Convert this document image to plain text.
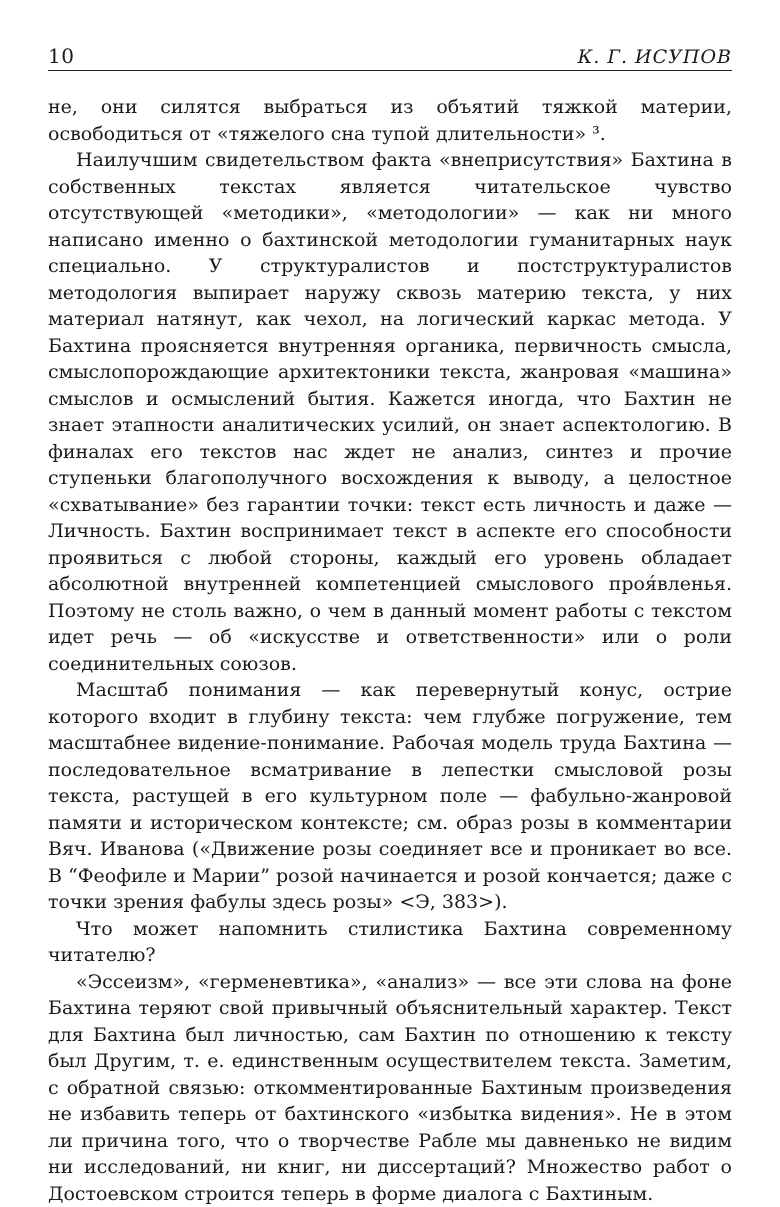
10	К. Г. ИСУПОВ

не, они силятся выбраться из объятий тяжкой материи, освободиться от «тяжелого сна тупой длительности» ³.

Наилучшим свидетельством факта «внеприсутствия» Бахтина в собственных текстах является читательское чувство отсутствующей «методики», «методологии» — как ни много написано именно о бахтинской методологии гуманитарных наук специально. У структуралистов и постструктуралистов методология выпирает наружу сквозь материю текста, у них материал натянут, как чехол, на логический каркас метода. У Бахтина проясняется внутренняя органика, первичность смысла, смыслопорождающие архитектоники текста, жанровая «машина» смыслов и осмыслений бытия. Кажется иногда, что Бахтин не знает этапности аналитических усилий, он знает аспектологию. В финалах его текстов нас ждет не анализ, синтез и прочие ступеньки благополучного восхождения к выводу, а целостное «схватывание» без гарантии точки: текст есть личность и даже — Личность. Бахтин воспринимает текст в аспекте его способности проявиться с любой стороны, каждый его уровень обладает абсолютной внутренней компетенцией смыслового проя́вленья. Поэтому не столь важно, о чем в данный момент работы с текстом идет речь — об «искусстве и ответственности» или о роли соединительных союзов.

Масштаб понимания — как перевернутый конус, острие которого входит в глубину текста: чем глубже погружение, тем масштабнее видение-понимание. Рабочая модель труда Бахтина — последовательное всматривание в лепестки смысловой розы текста, растущей в его культурном поле — фабульно-жанровой памяти и историческом контексте; см. образ розы в комментарии Вяч. Иванова («Движение розы соединяет все и проникает во все. В “Феофиле и Марии” розой начинается и розой кончается; даже с точки зрения фабулы здесь розы» <Э, 383>).

Что может напомнить стилистика Бахтина современному читателю?

«Эссеизм», «герменевтика», «анализ» — все эти слова на фоне Бахтина теряют свой привычный объяснительный характер. Текст для Бахтина был личностью, сам Бахтин по отношению к тексту был Другим, т. е. единственным осуществителем текста. Заметим, с обратной связью: откомментированные Бахтиным произведения не избавить теперь от бахтинского «избытка видения». Не в этом ли причина того, что о творчестве Рабле мы давненько не видим ни исследований, ни книг, ни диссертаций? Множество работ о Достоевском строится теперь в форме диалога с Бахтиным.
